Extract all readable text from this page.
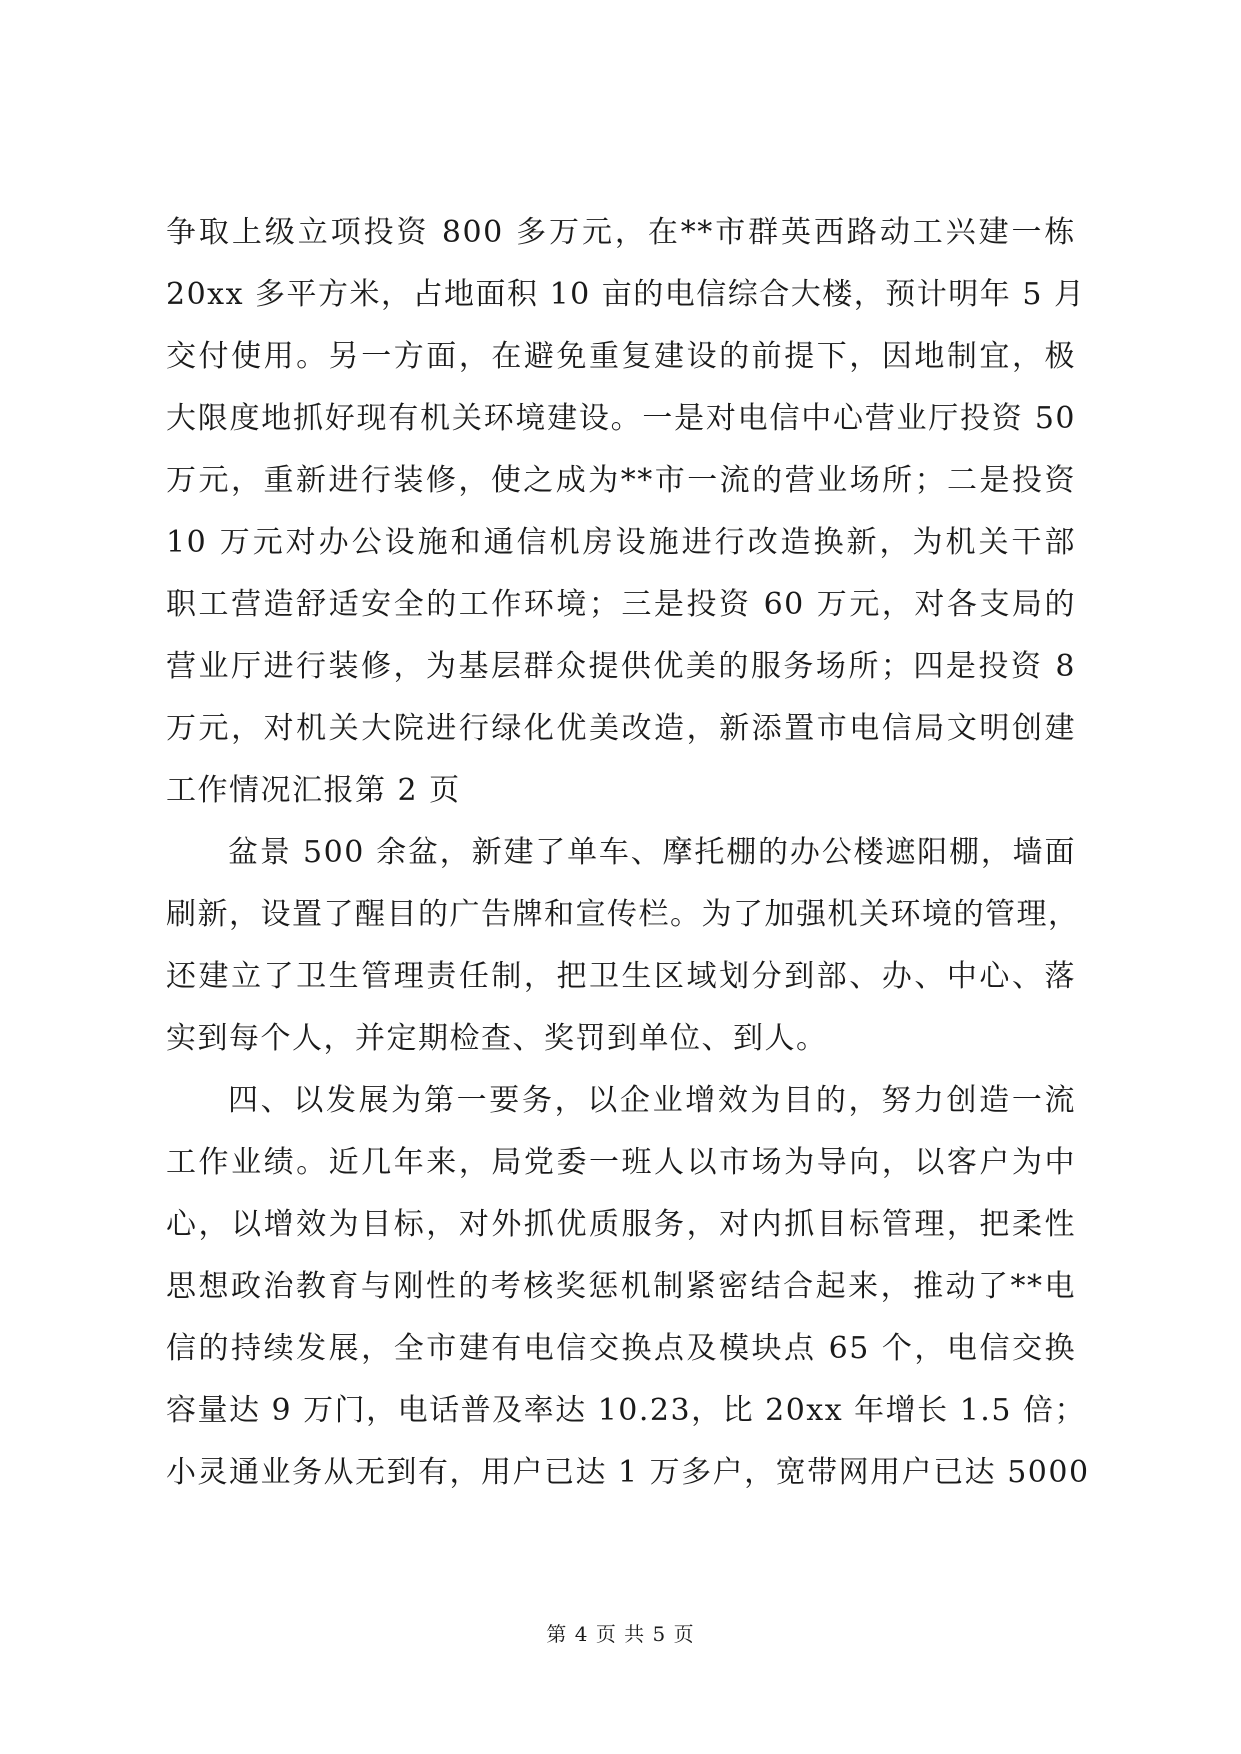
争取上级立项投资 800 多万元，在**市群英西路动工兴建一栋
20xx 多平方米，占地面积 10 亩的电信综合大楼，预计明年 5 月
交付使用。另一方面，在避免重复建设的前提下，因地制宜，极
大限度地抓好现有机关环境建设。一是对电信中心营业厅投资 50
万元，重新进行装修，使之成为**市一流的营业场所；二是投资
10 万元对办公设施和通信机房设施进行改造换新，为机关干部
职工营造舒适安全的工作环境；三是投资 60 万元，对各支局的
营业厅进行装修，为基层群众提供优美的服务场所；四是投资 8
万元，对机关大院进行绿化优美改造，新添置市电信局文明创建
工作情况汇报第 2 页

盆景 500 余盆，新建了单车、摩托棚的办公楼遮阳棚，墙面
刷新，设置了醒目的广告牌和宣传栏。为了加强机关环境的管理，
还建立了卫生管理责任制，把卫生区域划分到部、办、中心、落
实到每个人，并定期检查、奖罚到单位、到人。

四、以发展为第一要务，以企业增效为目的，努力创造一流
工作业绩。近几年来，局党委一班人以市场为导向，以客户为中
心，以增效为目标，对外抓优质服务，对内抓目标管理，把柔性
思想政治教育与刚性的考核奖惩机制紧密结合起来，推动了**电
信的持续发展，全市建有电信交换点及模块点 65 个，电信交换
容量达 9 万门，电话普及率达 10.23，比 20xx 年增长 1.5 倍；
小灵通业务从无到有，用户已达 1 万多户，宽带网用户已达 5000

第 4 页 共 5 页
